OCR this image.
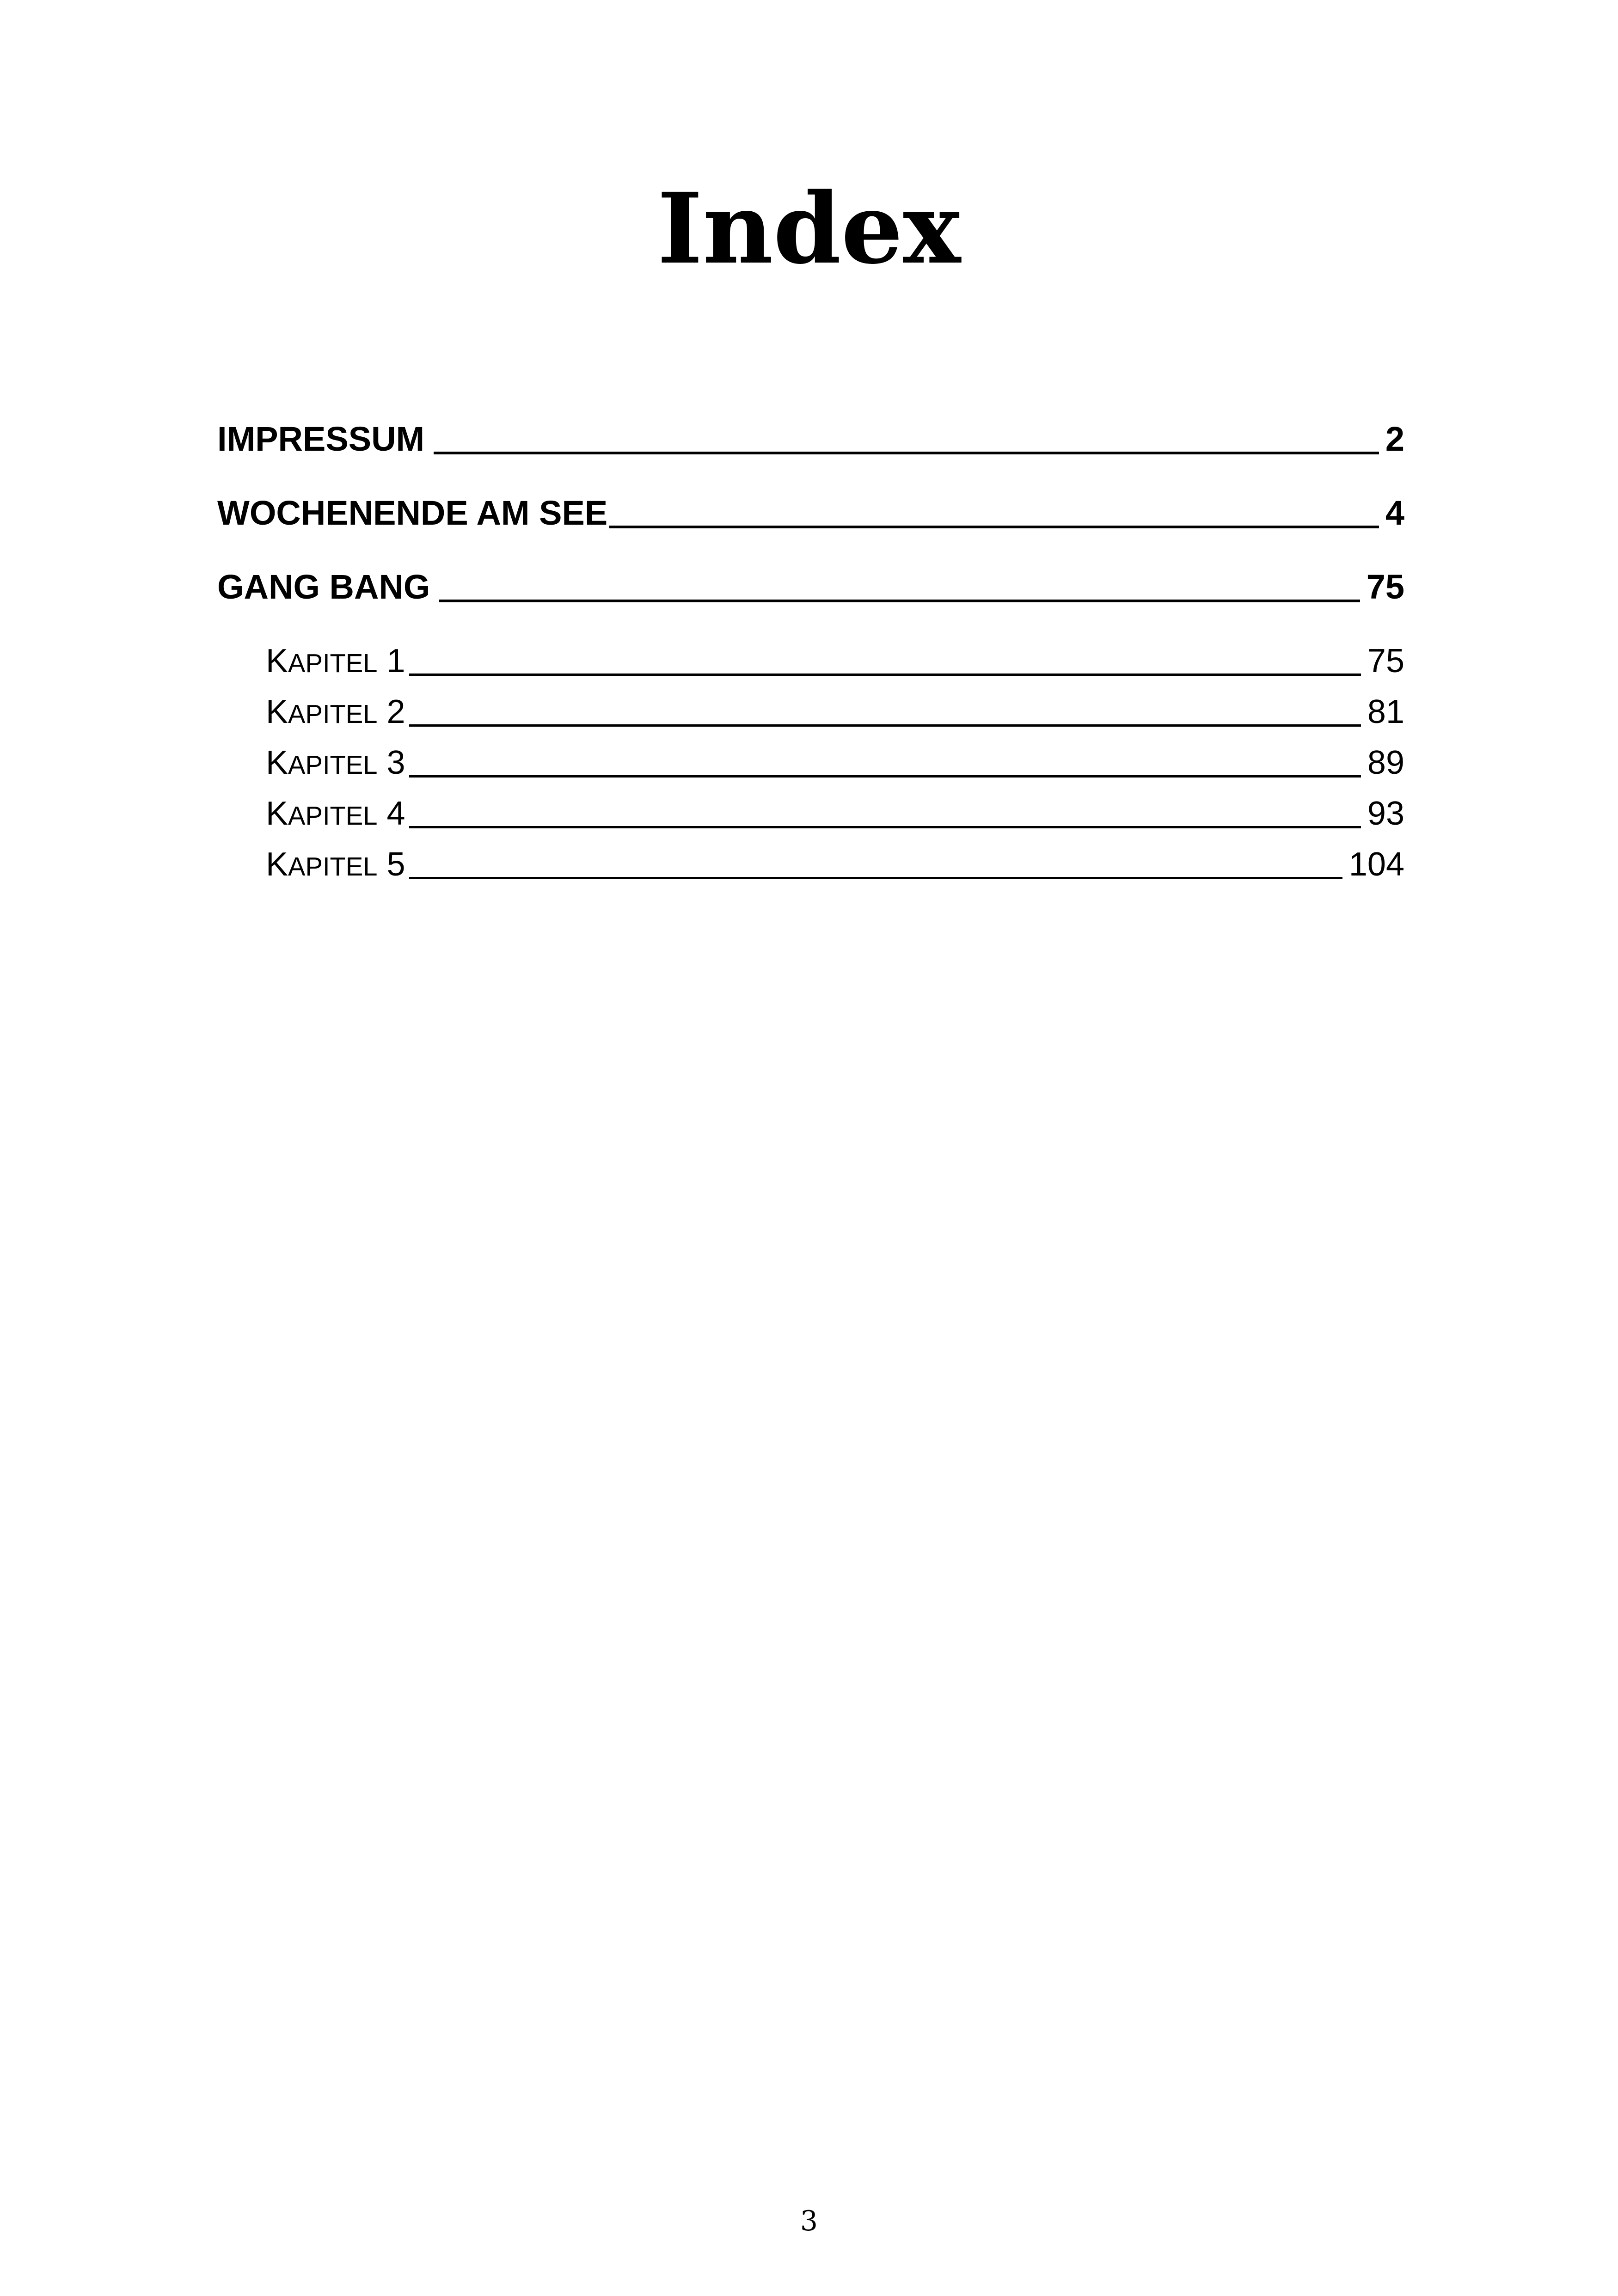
Index
IMPRESSUM	2
WOCHENENDE AM SEE	4
GANG BANG	75
KAPITEL 1	75
KAPITEL 2	81
KAPITEL 3	89
KAPITEL 4	93
KAPITEL 5	104
3
